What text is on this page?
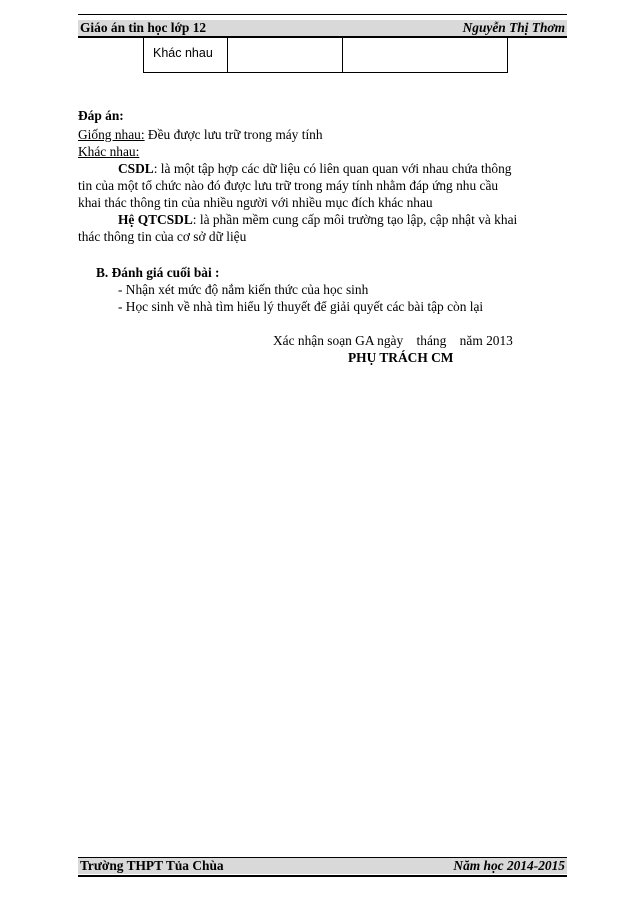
Giáo án tin học lớp 12	Nguyễn Thị Thơm
Khác nhau
Đáp án:
Giống nhau: Đều được lưu trữ trong máy tính
Khác nhau:
CSDL: là một tập hợp các dữ liệu có liên quan quan với nhau chứa thông
tin của một tổ chức nào đó được lưu trữ trong máy tính nhằm đáp ứng nhu cầu
khai thác thông tin của nhiều người với nhiều mục đích khác nhau
Hệ QTCSDL: là phần mềm cung cấp môi trường tạo lập, cập nhật và khai
thác thông tin của cơ sở dữ liệu
B. Đánh giá cuối bài :
- Nhận xét mức độ nắm kiến thức của học sinh
- Học sinh về nhà tìm hiểu lý thuyết để giải quyết các bài tập còn lại
Xác nhận soạn GA ngày    tháng    năm 2013
PHỤ TRÁCH CM
Trường THPT Tủa Chùa	Năm học 2014-2015
